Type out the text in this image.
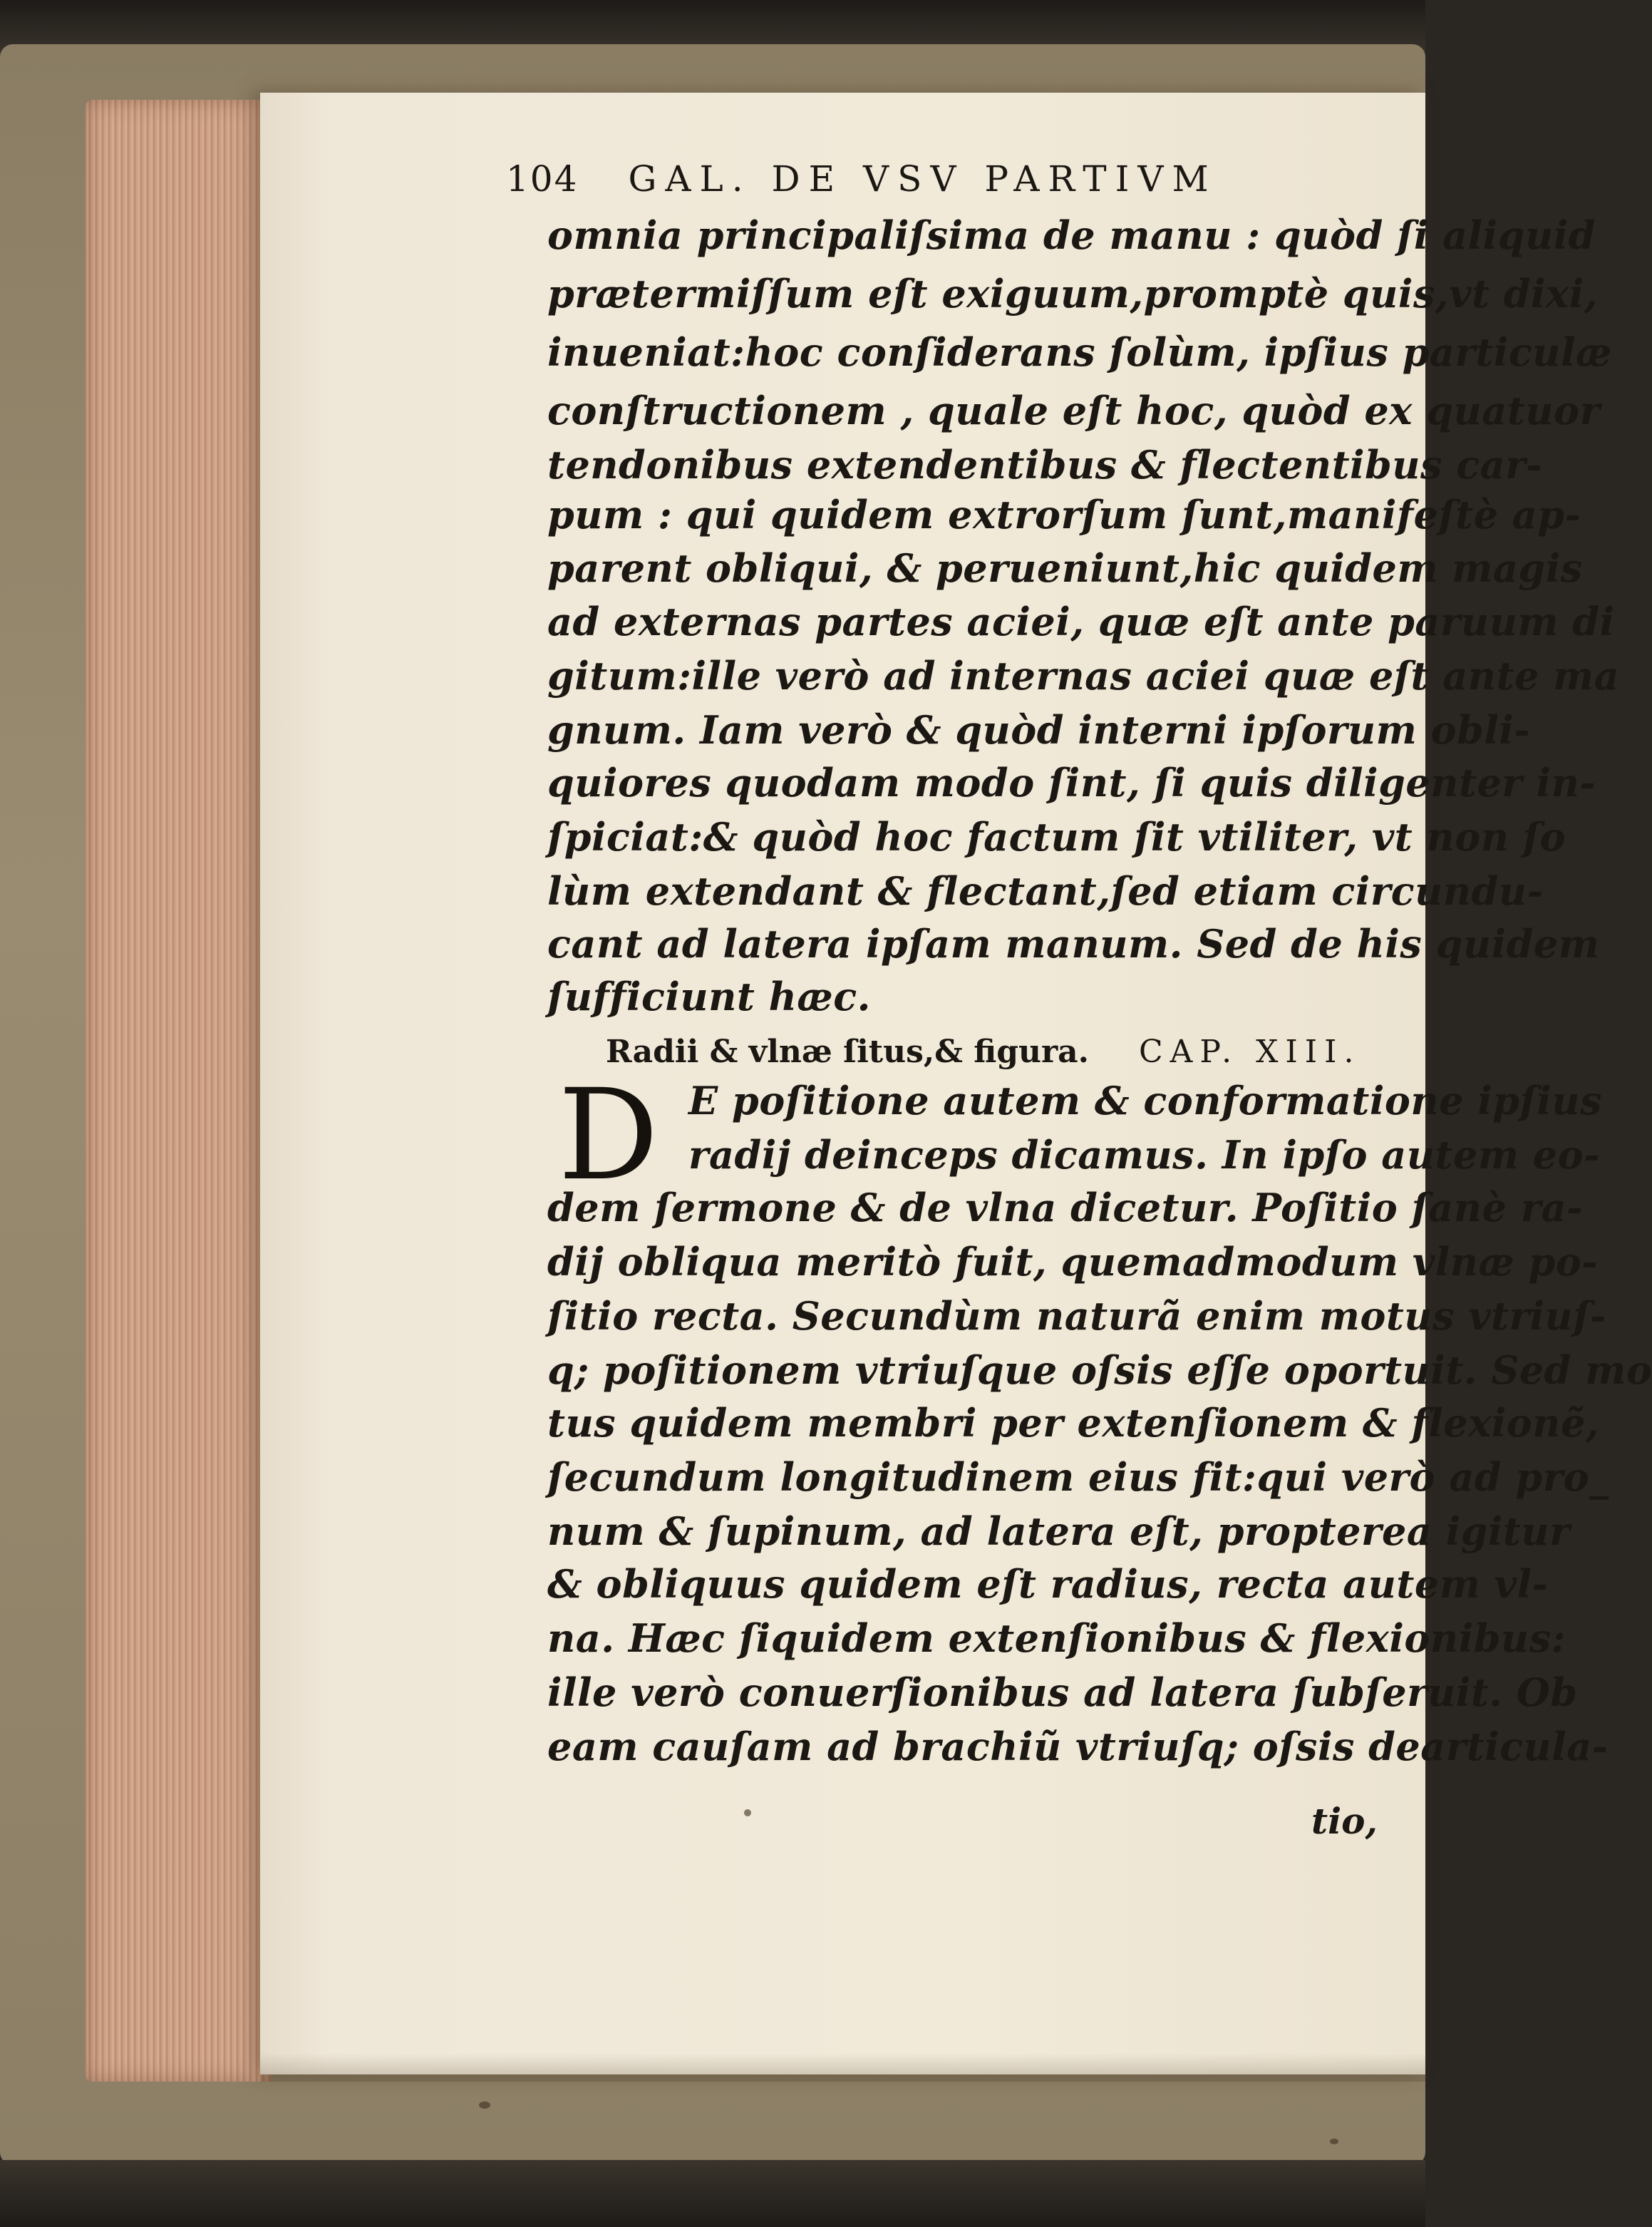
104 GAL. DE VSV PARTIVM
omnia principaliſsima de manu : quòd ſi aliquid
prætermiſſum eſt exiguum,promptè quis,vt dixi,
inueniat:hoc conſiderans ſolùm, ipſius particulæ
conſtructionem , quale eſt hoc, quòd ex quatuor
tendonibus extendentibus & flectentibus car-
pum : qui quidem extrorſum ſunt,manifeſtè ap-
parent obliqui, & perueniunt,hic quidem magis
ad externas partes aciei, quæ eſt ante paruum di
gitum:ille verò ad internas aciei quæ eſt ante ma
gnum. Iam verò & quòd interni ipſorum obli-
quiores quodam modo ſint, ſi quis diligenter in-
ſpiciat:& quòd hoc factum ſit vtiliter, vt non ſo
lùm extendant & flectant,ſed etiam circundu-
cant ad latera ipſam manum. Sed de his quidem
ſufficiunt hæc.
Radii & vlnæ ſitus,& figura. CAP. XIII.
D E poſitione autem & conformatione ipſius
radij deinceps dicamus. In ipſo autem eo-
dem ſermone & de vlna dicetur. Poſitio ſanè ra-
dij obliqua meritò fuit, quemadmodum vlnæ po-
ſitio recta. Secundùm naturã enim motus vtriuſ-
q; poſitionem vtriuſque oſsis eſſe oportuit. Sed mo
tus quidem membri per extenſionem & flexionẽ,
ſecundum longitudinem eius fit:qui verò ad pro_
num & ſupinum, ad latera eſt, propterea igitur
& obliquus quidem eſt radius, recta autem vl-
na. Hæc ſiquidem extenſionibus & flexionibus:
ille verò conuerſionibus ad latera ſubſeruit. Ob
eam cauſam ad brachiũ vtriuſq; oſsis dearticula-
tio,
